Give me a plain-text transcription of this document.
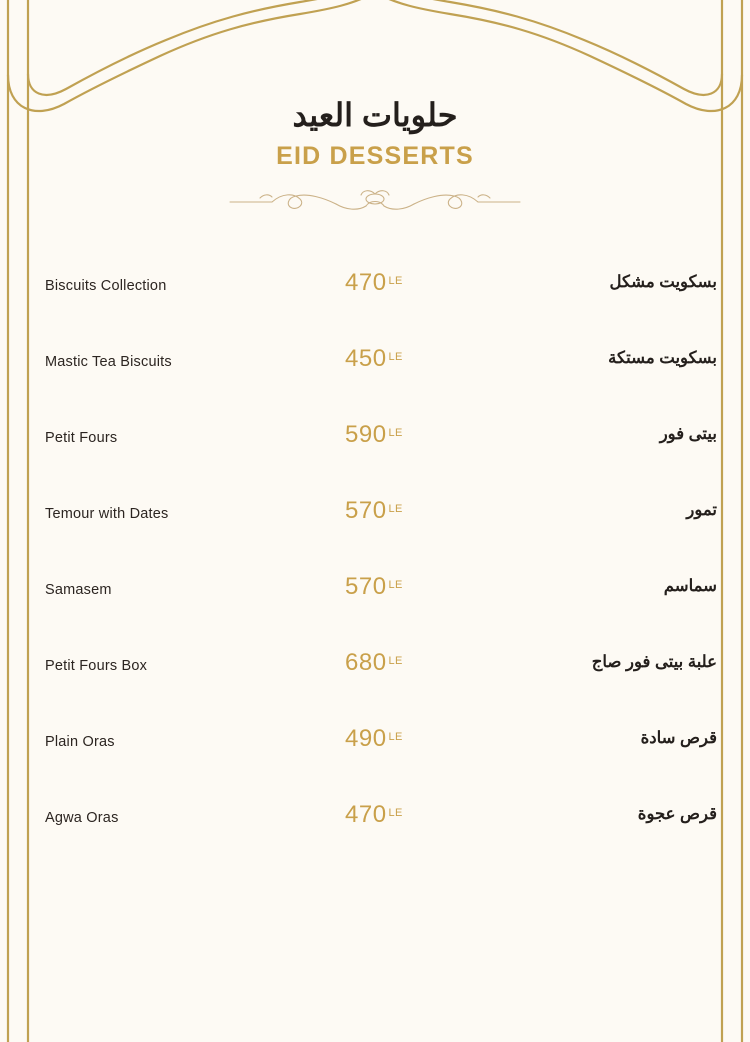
حلويات العيد
EID DESSERTS
Biscuits Collection	470 $^{LE}$	بسكويت مشكل
Mastic Tea Biscuits	450 $^{LE}$	بسكويت مستكة
Petit Fours	590 $^{LE}$	بيتى فور
Temour with Dates	570 $^{LE}$	تمور
Samasem	570 $^{LE}$	سماسم
Petit Fours Box	680 $^{LE}$	علبة بيتى فور صاج
Plain Oras	490 $^{LE}$	قرص سادة
Agwa Oras	470 $^{LE}$	قرص عجوة
